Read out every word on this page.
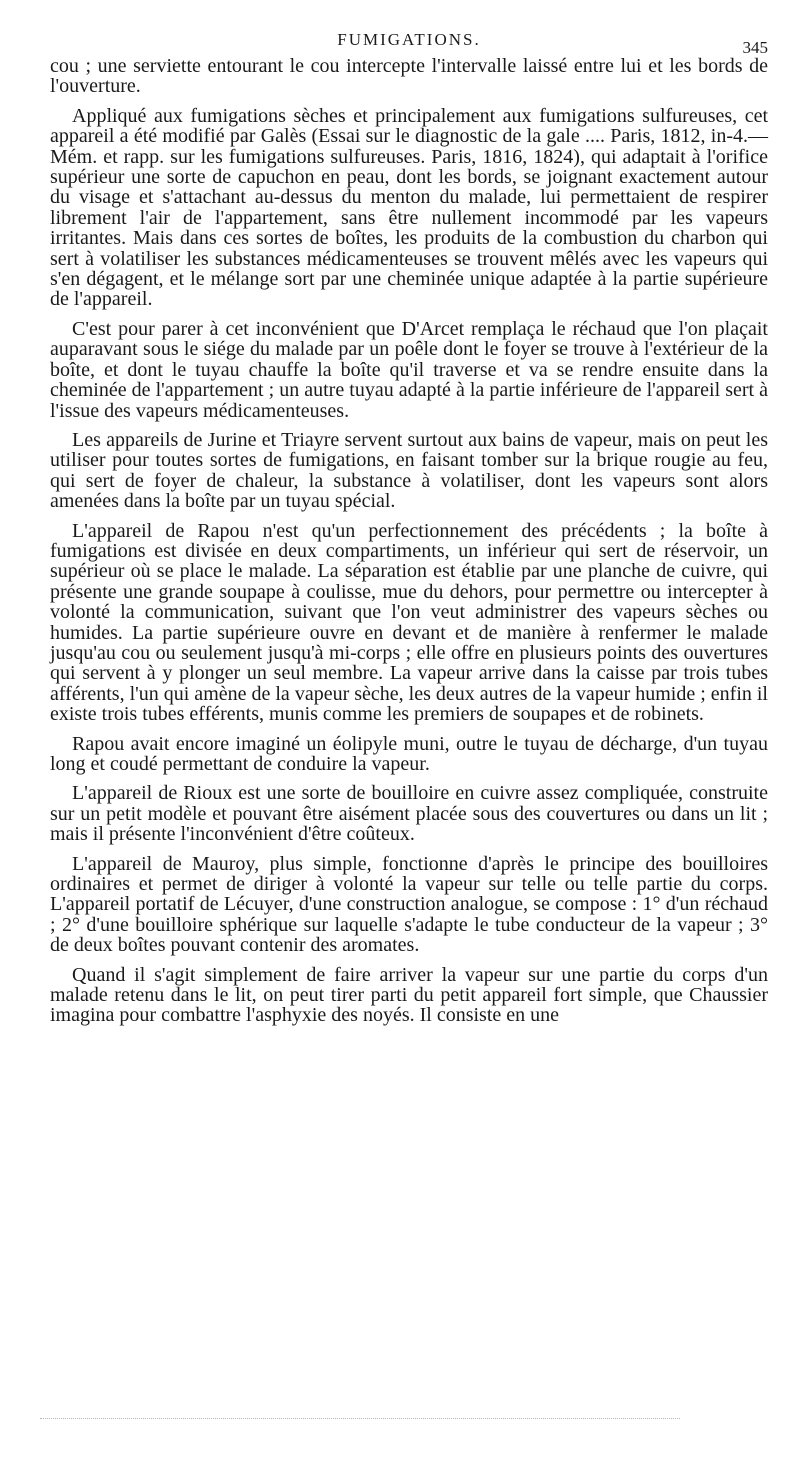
FUMIGATIONS.	345

cou ; une serviette entourant le cou intercepte l'intervalle laissé entre lui et les bords de l'ouverture.

Appliqué aux fumigations sèches et principalement aux fumigations sulfureuses, cet appareil a été modifié par Galès (Essai sur le diagnostic de la gale .... Paris, 1812, in-4.—Mém. et rapp. sur les fumigations sulfureuses. Paris, 1816, 1824), qui adaptait à l'orifice supérieur une sorte de capuchon en peau, dont les bords, se joignant exactement autour du visage et s'attachant au-dessus du menton du malade, lui permettaient de respirer librement l'air de l'appartement, sans être nullement incommodé par les vapeurs irritantes. Mais dans ces sortes de boîtes, les produits de la combustion du charbon qui sert à volatiliser les substances médicamenteuses se trouvent mêlés avec les vapeurs qui s'en dégagent, et le mélange sort par une cheminée unique adaptée à la partie supérieure de l'appareil.

C'est pour parer à cet inconvénient que D'Arcet remplaça le réchaud que l'on plaçait auparavant sous le siége du malade par un poêle dont le foyer se trouve à l'extérieur de la boîte, et dont le tuyau chauffe la boîte qu'il traverse et va se rendre ensuite dans la cheminée de l'appartement ; un autre tuyau adapté à la partie inférieure de l'appareil sert à l'issue des vapeurs médicamenteuses.

Les appareils de Jurine et Triayre servent surtout aux bains de vapeur, mais on peut les utiliser pour toutes sortes de fumigations, en faisant tomber sur la brique rougie au feu, qui sert de foyer de chaleur, la substance à volatiliser, dont les vapeurs sont alors amenées dans la boîte par un tuyau spécial.

L'appareil de Rapou n'est qu'un perfectionnement des précédents ; la boîte à fumigations est divisée en deux compartiments, un inférieur qui sert de réservoir, un supérieur où se place le malade. La séparation est établie par une planche de cuivre, qui présente une grande soupape à coulisse, mue du dehors, pour permettre ou intercepter à volonté la communication, suivant que l'on veut administrer des vapeurs sèches ou humides. La partie supérieure ouvre en devant et de manière à renfermer le malade jusqu'au cou ou seulement jusqu'à mi-corps ; elle offre en plusieurs points des ouvertures qui servent à y plonger un seul membre. La vapeur arrive dans la caisse par trois tubes afférents, l'un qui amène de la vapeur sèche, les deux autres de la vapeur humide ; enfin il existe trois tubes efférents, munis comme les premiers de soupapes et de robinets.

Rapou avait encore imaginé un éolipyle muni, outre le tuyau de décharge, d'un tuyau long et coudé permettant de conduire la vapeur.

L'appareil de Rioux est une sorte de bouilloire en cuivre assez compliquée, construite sur un petit modèle et pouvant être aisément placée sous des couvertures ou dans un lit ; mais il présente l'inconvénient d'être coûteux.

L'appareil de Mauroy, plus simple, fonctionne d'après le principe des bouilloires ordinaires et permet de diriger à volonté la vapeur sur telle ou telle partie du corps. L'appareil portatif de Lécuyer, d'une construction analogue, se compose : 1° d'un réchaud ; 2° d'une bouilloire sphérique sur laquelle s'adapte le tube conducteur de la vapeur ; 3° de deux boîtes pouvant contenir des aromates.

Quand il s'agit simplement de faire arriver la vapeur sur une partie du corps d'un malade retenu dans le lit, on peut tirer parti du petit appareil fort simple, que Chaussier imagina pour combattre l'asphyxie des noyés. Il consiste en une
